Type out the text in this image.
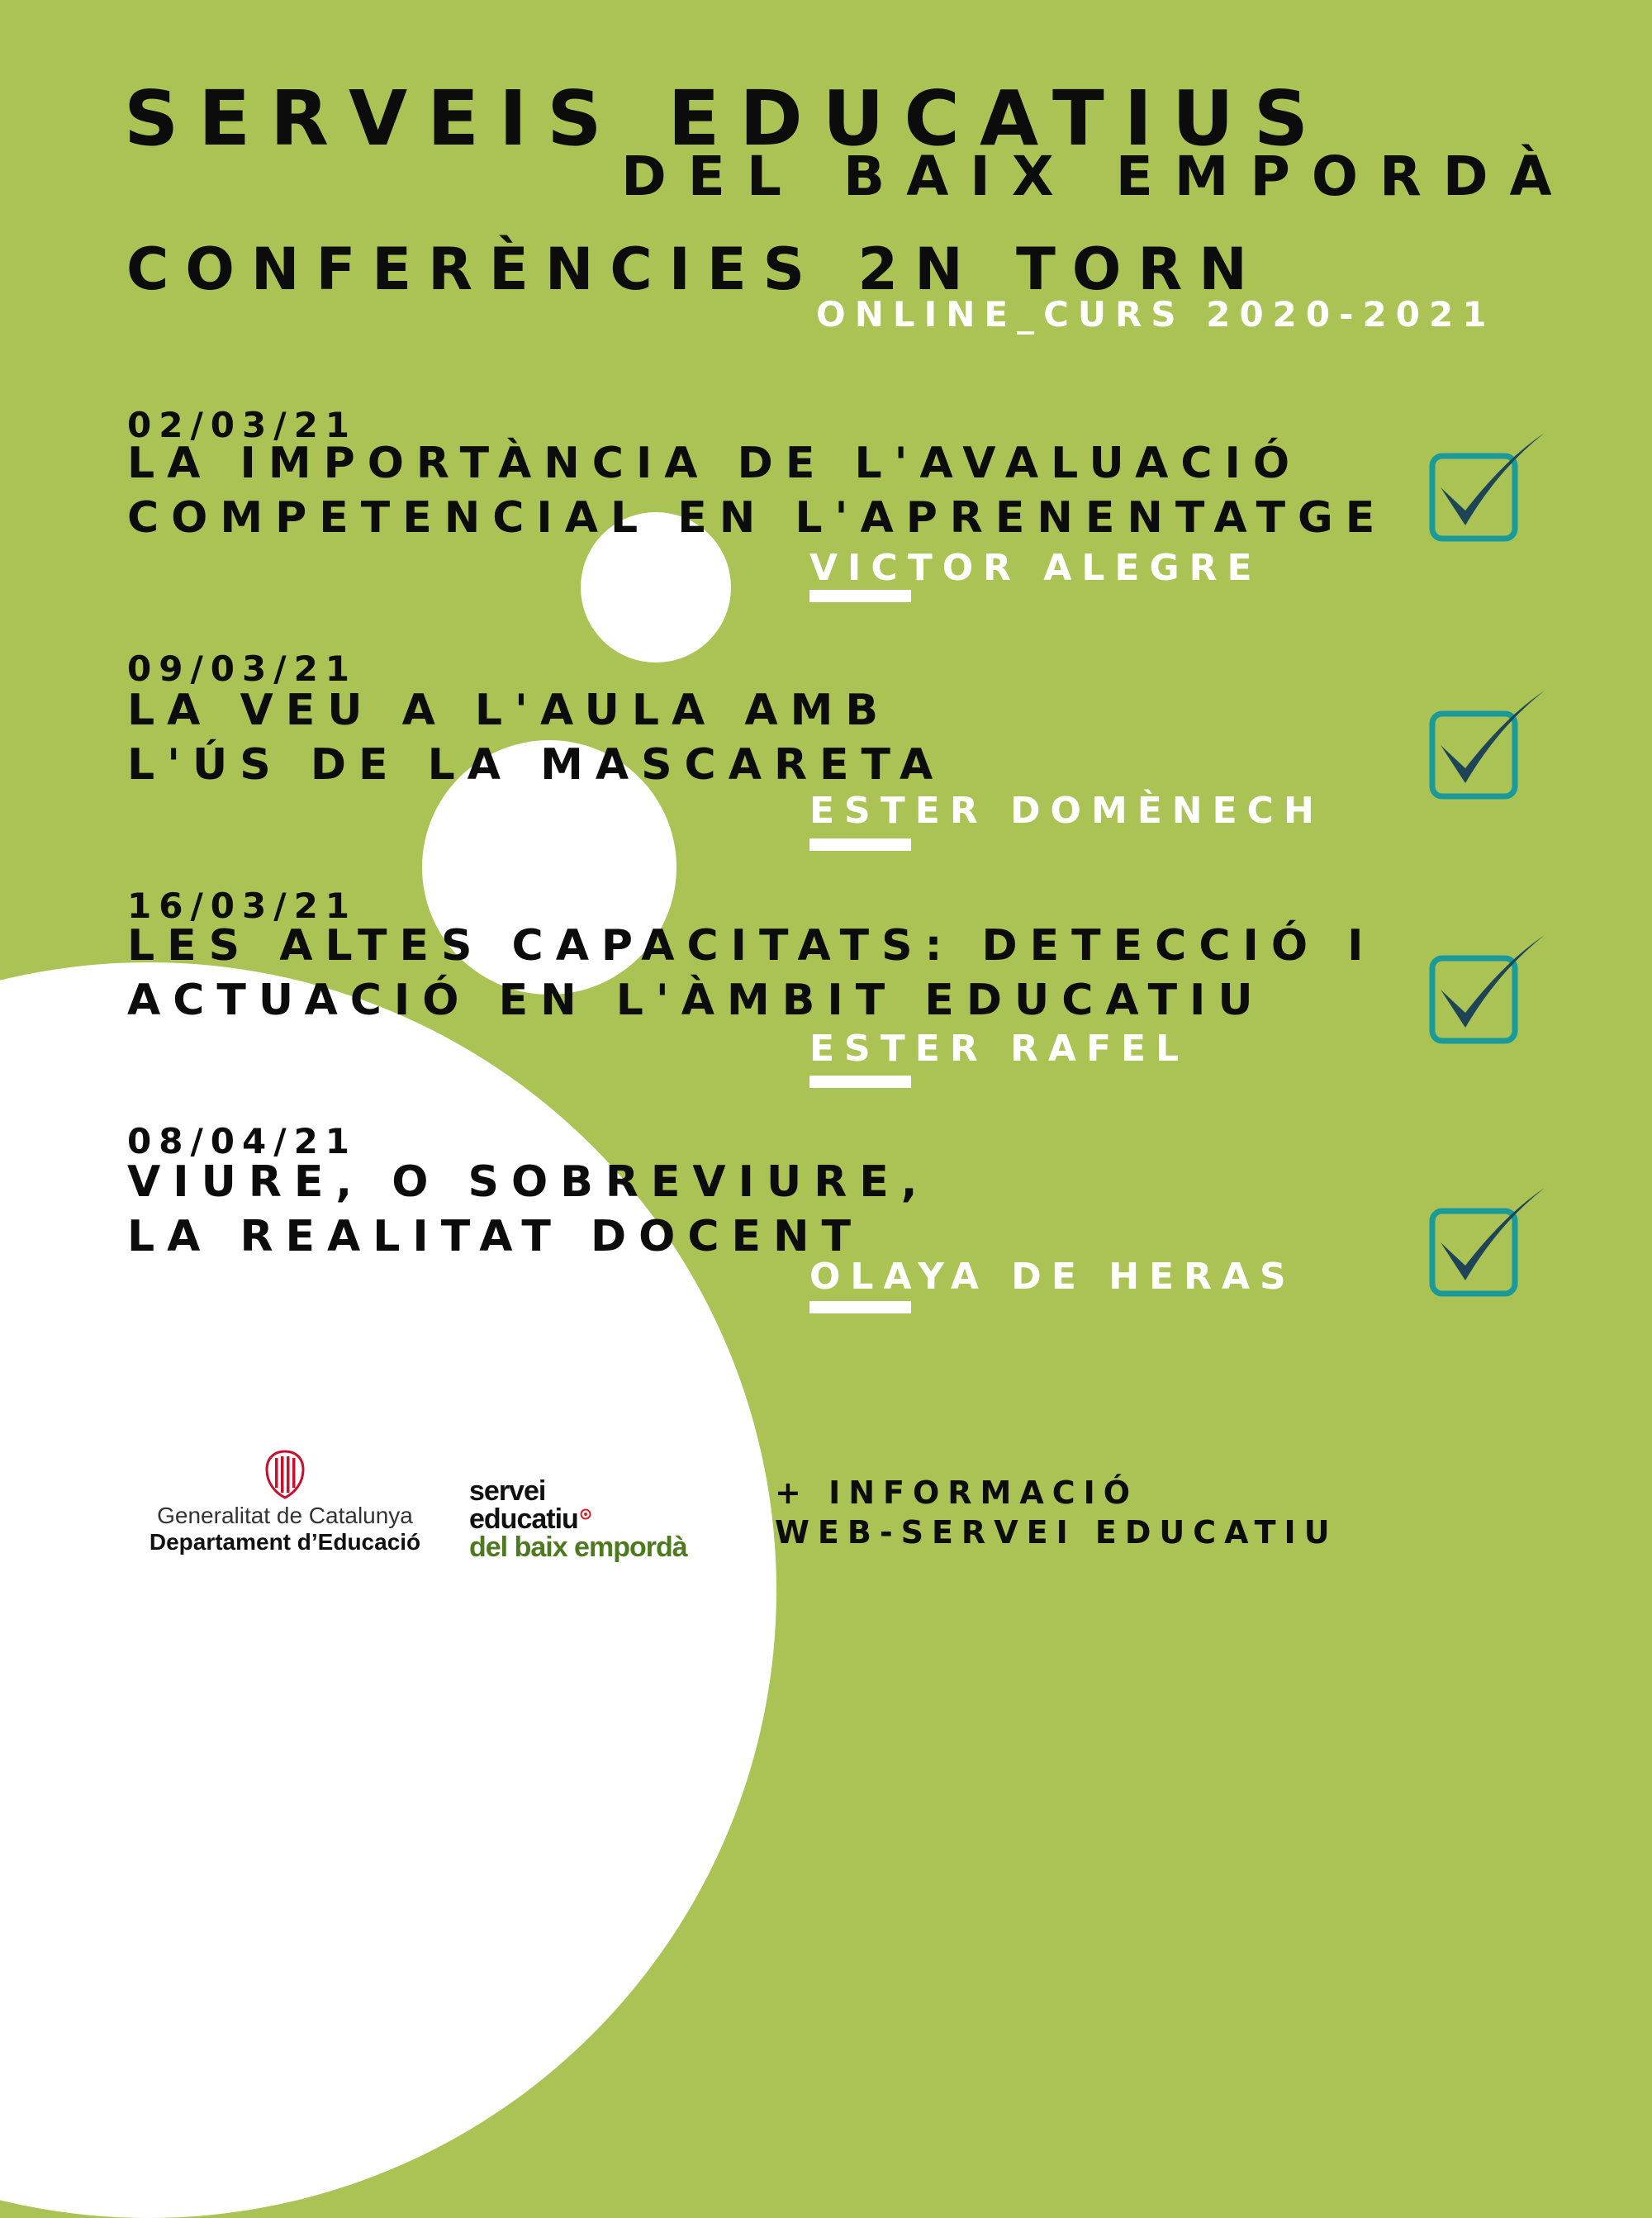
SERVEIS EDUCATIUS
DEL BAIX EMPORDÀ
CONFERÈNCIES 2N TORN
ONLINE_CURS 2020-2021
02/03/21
LA IMPORTÀNCIA DE L'AVALUACIÓ
COMPETENCIAL EN L'APRENENTATGE
VICTOR ALEGRE
09/03/21
LA VEU A L'AULA AMB
L'ÚS DE LA MASCARETA
ESTER DOMÈNECH
16/03/21
LES ALTES CAPACITATS: DETECCIÓ I
ACTUACIÓ EN L'ÀMBIT EDUCATIU
ESTER RAFEL
08/04/21
VIURE, O SOBREVIURE,
LA REALITAT DOCENT
OLAYA DE HERAS
Generalitat de Catalunya
Departament d’Educació
servei
educatiu
del baix empordà
+ INFORMACIÓ
WEB-SERVEI EDUCATIU
